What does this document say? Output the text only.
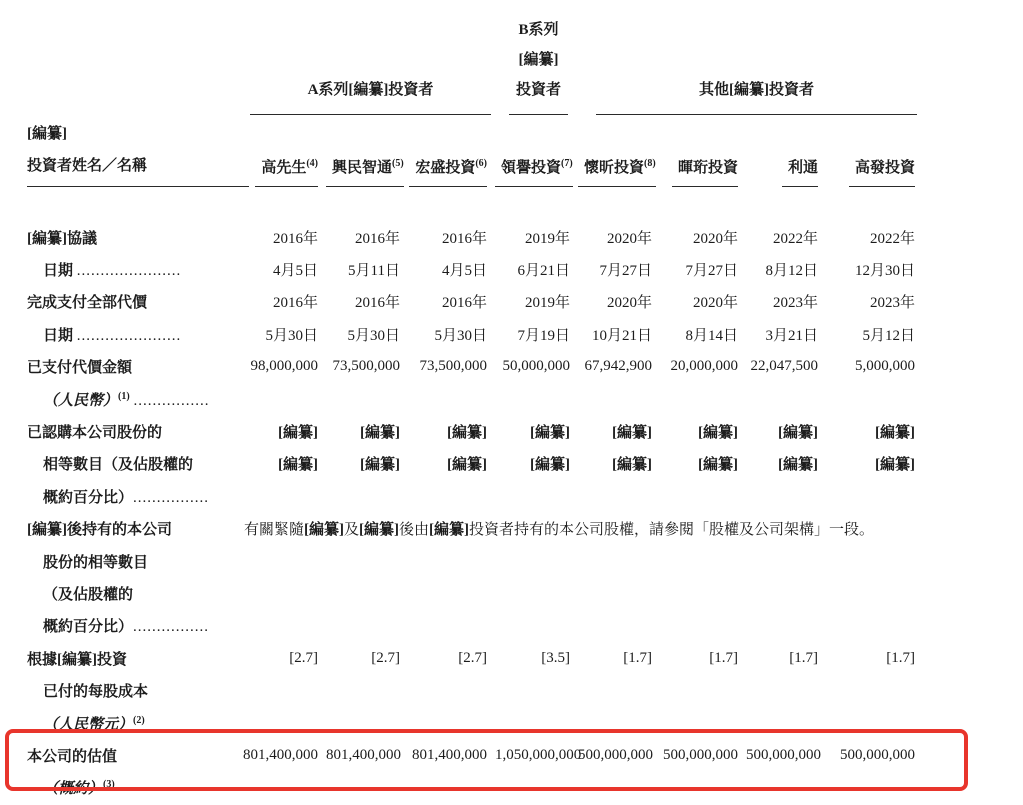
	A系列[編纂]投資者			B系列
[編纂]
投資者	其他[編纂]投資者			

[編纂]
投資者姓名／名稱	高先生$^{(4)}$	興民智通$^{(5)}$	宏盛投資$^{(6)}$	領譽投資$^{(7)}$	懷昕投資$^{(8)}$	暉珩投資	利通	高發投資

[編纂]協議	2016年	2016年	2016年	2019年	2020年	2020年	2022年	2022年
日期 ......................	4月5日	5月11日	4月5日	6月21日	7月27日	7月27日	8月12日	12月30日
完成支付全部代價	2016年	2016年	2016年	2019年	2020年	2020年	2023年	2023年
日期 ......................	5月30日	5月30日	5月30日	7月19日	10月21日	8月14日	3月21日	5月12日
已支付代價金額	98,000,000	73,500,000	73,500,000	50,000,000	67,942,900	20,000,000	22,047,500	5,000,000
（人民幣）$^{(1)}$ ................								
已認購本公司股份的	[編纂]	[編纂]	[編纂]	[編纂]	[編纂]	[編纂]	[編纂]	[編纂]
相等數目（及佔股權的	[編纂]	[編纂]	[編纂]	[編纂]	[編纂]	[編纂]	[編纂]	[編纂]
概約百分比）................								
[編纂]後持有的本公司	有關緊隨[編纂]及[編纂]後由[編纂]投資者持有的本公司股權，請參閱「股權及公司架構」一段。							
股份的相等數目								
（及佔股權的								
概約百分比）................								
根據[編纂]投資	[2.7]	[2.7]	[2.7]	[3.5]	[1.7]	[1.7]	[1.7]	[1.7]
已付的每股成本								
（人民幣元）$^{(2)}$	
本公司的估值	801,400,000	801,400,000	801,400,000	1,050,000,000	500,000,000	500,000,000	500,000,000	500,000,000
（概約）$^{(3)}$	
